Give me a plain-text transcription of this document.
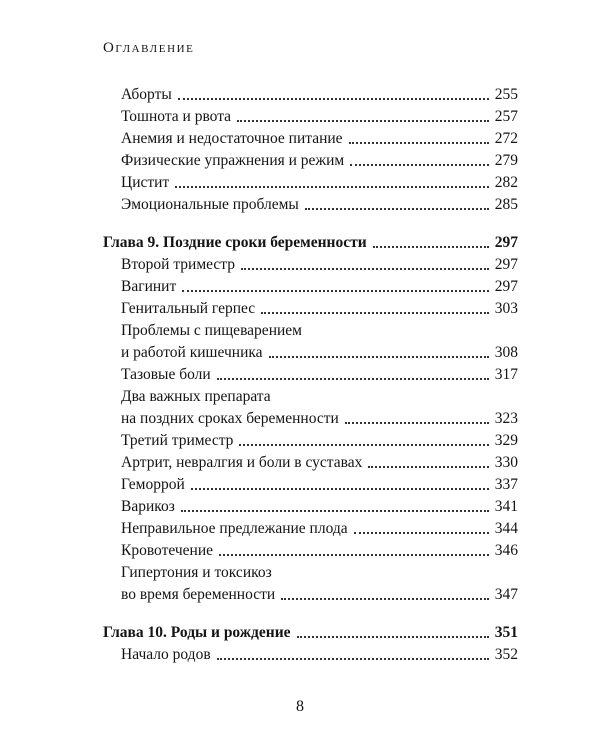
Оглавление
Аборты	255
Тошнота и рвота	257
Анемия и недостаточное питание	272
Физические упражнения и режим	279
Цистит	282
Эмоциональные проблемы	285
Глава 9. Поздние сроки беременности	297
Второй триместр	297
Вагинит	297
Генитальный герпес	303
Проблемы с пищеварением
и работой кишечника	308
Тазовые боли	317
Два важных препарата
на поздних сроках беременности	323
Третий триместр	329
Артрит, невралгия и боли в суставах	330
Геморрой	337
Варикоз	341
Неправильное предлежание плода	344
Кровотечение	346
Гипертония и токсикоз
во время беременности	347
Глава 10. Роды и рождение	351
Начало родов	352
8
